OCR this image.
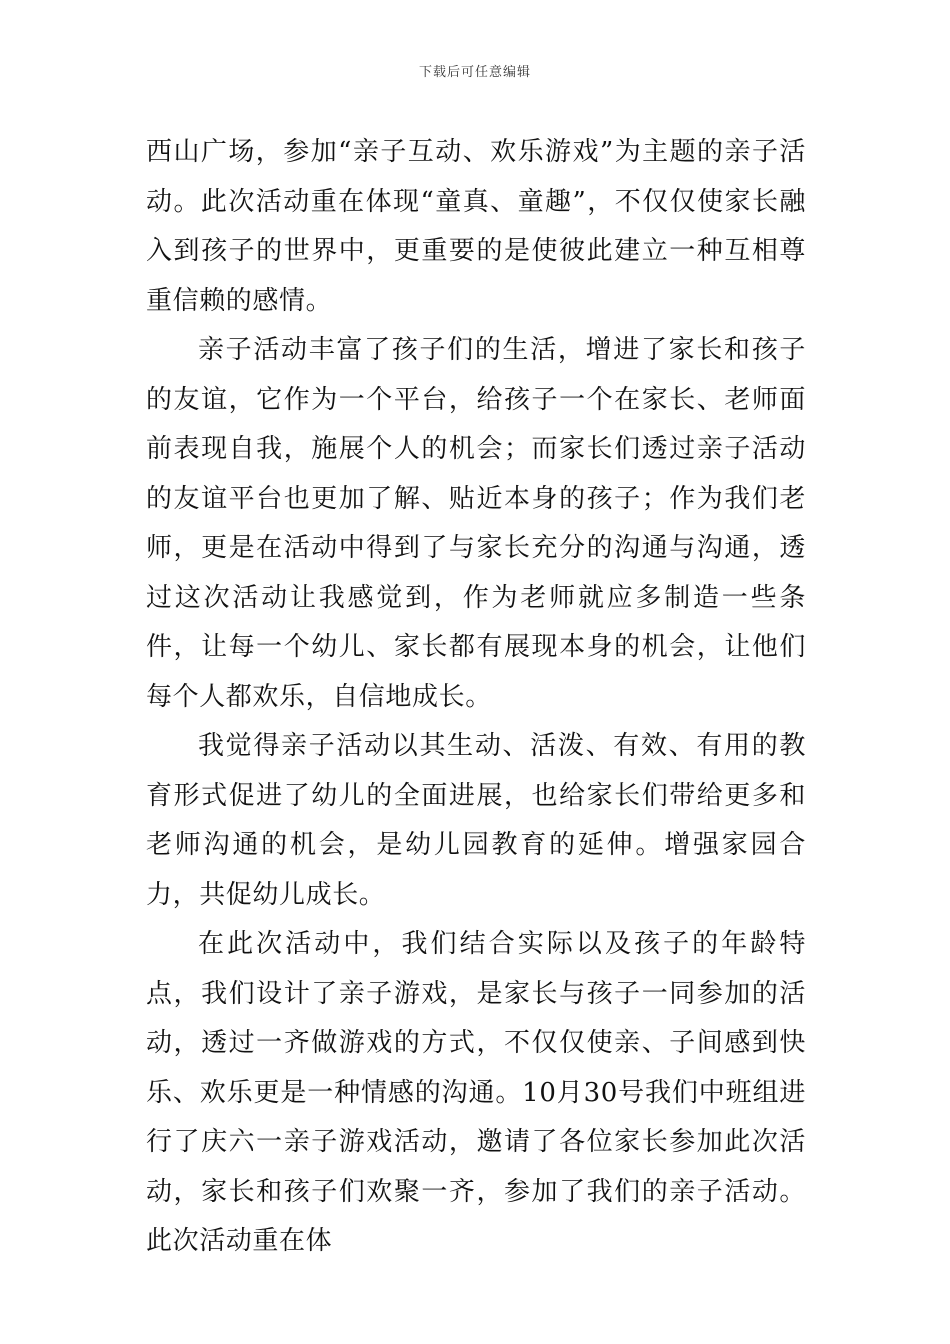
下载后可任意编辑

西山广场，参加“亲子互动、欢乐游戏”为主题的亲子活动。此次活动重在体现“童真、童趣”，不仅仅使家长融入到孩子的世界中，更重要的是使彼此建立一种互相尊重信赖的感情。

亲子活动丰富了孩子们的生活，增进了家长和孩子的友谊，它作为一个平台，给孩子一个在家长、老师面前表现自我，施展个人的机会；而家长们透过亲子活动的友谊平台也更加了解、贴近本身的孩子；作为我们老师，更是在活动中得到了与家长充分的沟通与沟通，透过这次活动让我感觉到，作为老师就应多制造一些条件，让每一个幼儿、家长都有展现本身的机会，让他们每个人都欢乐，自信地成长。

我觉得亲子活动以其生动、活泼、有效、有用的教育形式促进了幼儿的全面进展，也给家长们带给更多和老师沟通的机会，是幼儿园教育的延伸。增强家园合力，共促幼儿成长。

在此次活动中，我们结合实际以及孩子的年龄特点，我们设计了亲子游戏，是家长与孩子一同参加的活动，透过一齐做游戏的方式，不仅仅使亲、子间感到快乐、欢乐更是一种情感的沟通。10月30号我们中班组进行了庆六一亲子游戏活动，邀请了各位家长参加此次活动，家长和孩子们欢聚一齐，参加了我们的亲子活动。此次活动重在体
